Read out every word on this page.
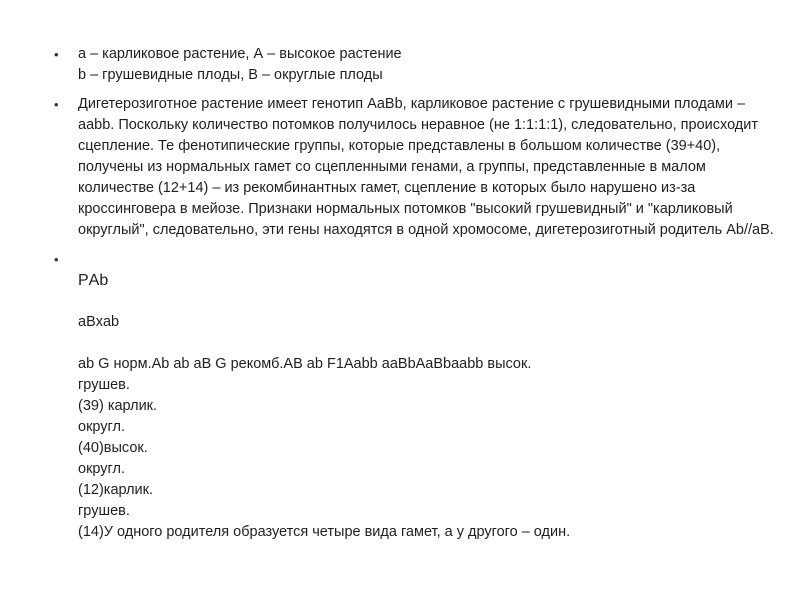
• a – карликовое растение, А – высокое растение
b – грушевидные плоды, B – округлые плоды
• Дигетерозиготное растение имеет генотип AaBb, карликовое растение с грушевидными плодами – aabb. Поскольку количество потомков получилось неравное (не 1:1:1:1), следовательно, происходит сцепление. Те фенотипические группы, которые представлены в большом количестве (39+40), получены из нормальных гамет со сцепленными генами, а группы, представленные в малом количестве (12+14) – из рекомбинантных гамет, сцепление в которых было нарушено из-за кроссинговера в мейозе. Признаки нормальных потомков "высокий грушевидный" и "карликовый округлый", следовательно, эти гены находятся в одной хромосоме, дигетерозиготный родитель Ab//aB.
• РAb
aBxab
ab G норм.Ab ab aB G рекомб.AB ab F1Aabb aaBbAaBbaabb высок.
грушев.
(39) карлик.
округл.
(40)высок.
округл.
(12)карлик.
грушев.
(14)У одного родителя образуется четыре вида гамет, а у другого – один.
